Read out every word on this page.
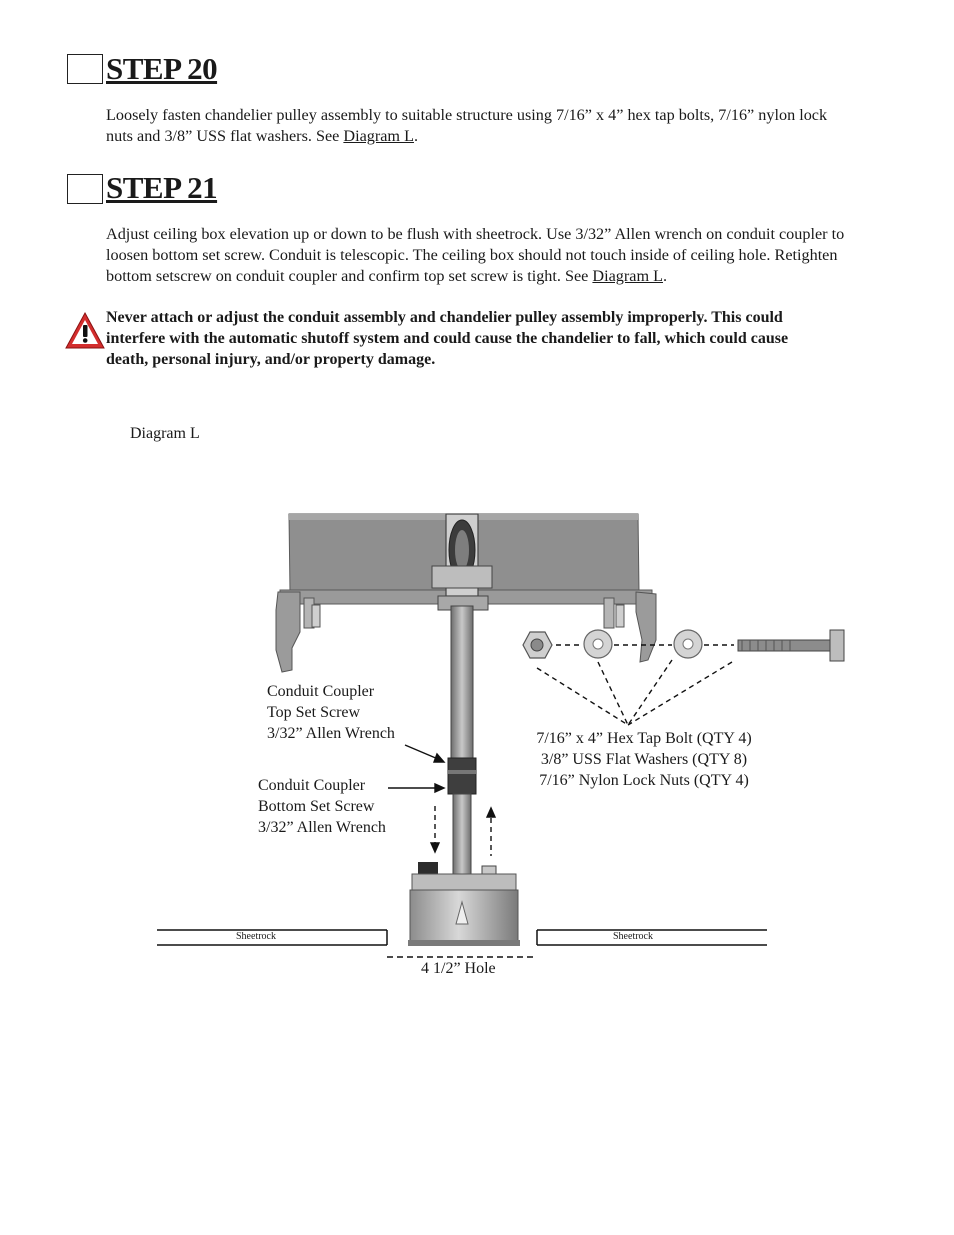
STEP 20
Loosely fasten chandelier pulley assembly to suitable structure using 7/16” x 4” hex tap bolts, 7/16” nylon lock nuts and 3/8” USS flat washers. See Diagram L.
STEP 21
Adjust ceiling box elevation up or down to be flush with sheetrock. Use 3/32” Allen wrench on conduit coupler to loosen bottom set screw. Conduit is telescopic. The ceiling box should not touch inside of ceiling hole. Retighten bottom setscrew on conduit coupler and confirm top set screw is tight. See Diagram L.
Never attach or adjust the conduit assembly and chandelier pulley assembly improperly. This could interfere with the automatic shutoff system and could cause the chandelier to fall, which could cause death, personal injury, and/or property damage.
Diagram L
Conduit Coupler
Top Set Screw
3/32” Allen Wrench
Conduit Coupler
Bottom Set Screw
3/32” Allen Wrench
7/16” x 4” Hex Tap Bolt (QTY 4)
3/8” USS Flat Washers (QTY 8)
7/16” Nylon Lock Nuts (QTY 4)
Sheetrock	Sheetrock
4 1/2” Hole
